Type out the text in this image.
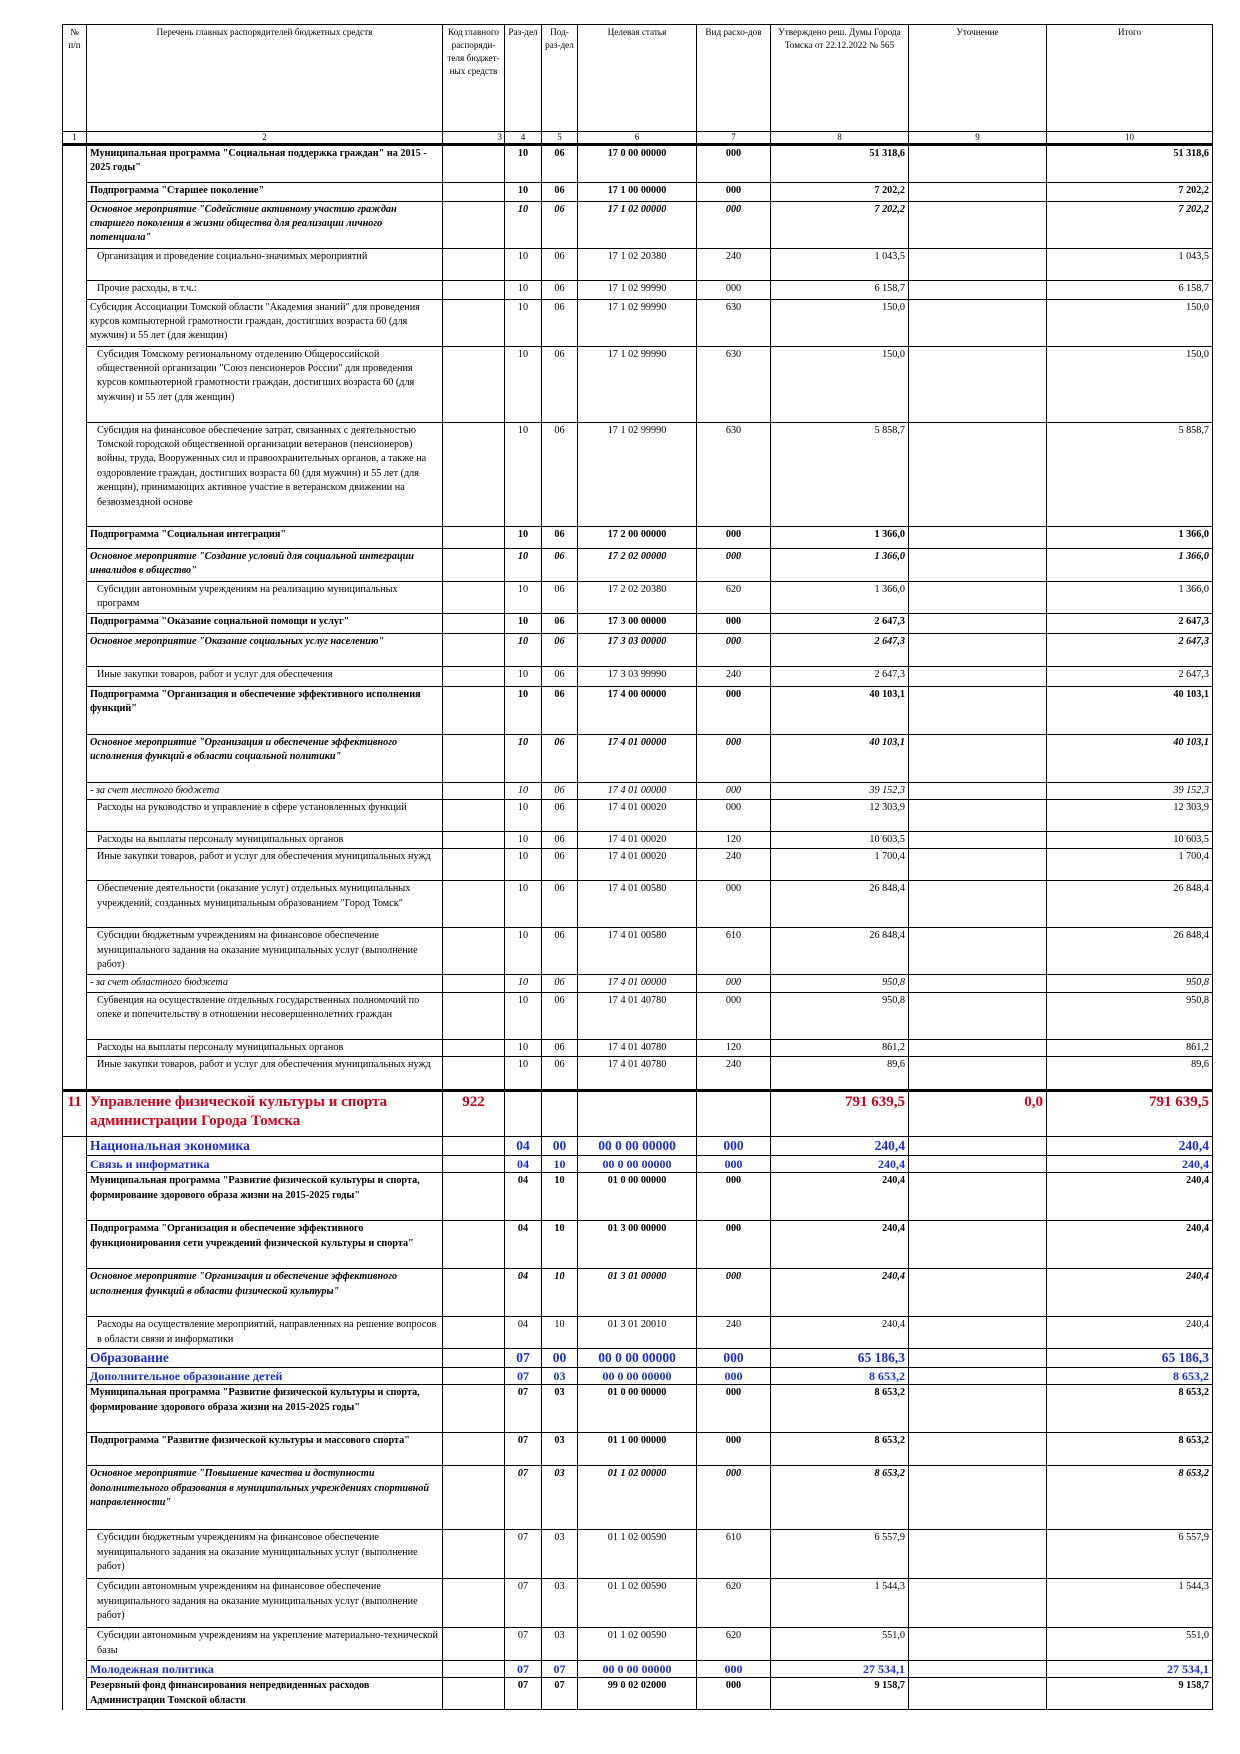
№ п/п	Перечень главных распорядителей бюджетных средств	Код главного распоряди-теля бюджет-ных средств	Раз-дел	Под-раз-дел	Целевая статья	Вид расхо-дов	Утверждено реш. Думы Города Томска от 22.12.2022 № 565	Уточнение	Итого
1	2	3	4	5	6	7	8	9	10
	Муниципальная программа "Социальная поддержка граждан" на 2015 - 2025 годы"		10	06	17 0 00 00000	000	51 318,6		51 318,6
	Подпрограмма "Старшее поколение"		10	06	17 1 00 00000	000	7 202,2		7 202,2
	Основное мероприятие "Содействие активному участию граждан старшего поколения в жизни общества для реализации личного потенциала"		10	06	17 1 02 00000	000	7 202,2		7 202,2
	Организация и проведение социально-значимых мероприятий		10	06	17 1 02 20380	240	1 043,5		1 043,5
	Прочие расходы, в т.ч.:		10	06	17 1 02 99990	000	6 158,7		6 158,7
	Субсидия Ассоциации Томской области "Академия знаний" для проведения курсов компьютерной грамотности граждан, достигших возраста 60 (для мужчин) и 55 лет (для женщин)		10	06	17 1 02 99990	630	150,0		150,0
	Субсидия Томскому региональному отделению Общероссийской общественной организации "Союз пенсионеров России" для проведения курсов компьютерной грамотности граждан, достигших возраста 60 (для мужчин) и 55 лет (для женщин)		10	06	17 1 02 99990	630	150,0		150,0
	Субсидия на финансовое обеспечение затрат, связанных с деятельностью Томской городской общественной организации ветеранов (пенсионеров) войны, труда, Вооруженных сил и правоохранительных органов, а также на оздоровление граждан, достигших возраста 60 (для мужчин) и 55 лет (для женщин), принимающих активное участие в ветеранском движении на безвозмездной основе		10	06	17 1 02 99990	630	5 858,7		5 858,7
	Подпрограмма "Социальная интеграция"		10	06	17 2 00 00000	000	1 366,0		1 366,0
	Основное мероприятие "Создание условий для социальной интеграции инвалидов в общество"		10	06	17 2 02 00000	000	1 366,0		1 366,0
	Субсидии автономным учреждениям на реализацию муниципальных программ		10	06	17 2 02 20380	620	1 366,0		1 366,0
	Подпрограмма "Оказание социальной помощи и услуг"		10	06	17 3 00 00000	000	2 647,3		2 647,3
	Основное мероприятие "Оказание социальных услуг населению"		10	06	17 3 03 00000	000	2 647,3		2 647,3
	Иные закупки товаров, работ и услуг для обеспечения		10	06	17 3 03 99990	240	2 647,3		2 647,3
	Подпрограмма "Организация и обеспечение эффективного исполнения функций"		10	06	17 4 00 00000	000	40 103,1		40 103,1
	Основное мероприятие "Организация и обеспечение эффективного исполнения функций в области социальной политики"		10	06	17 4 01 00000	000	40 103,1		40 103,1
	- за счет местного бюджета		10	06	17 4 01 00000	000	39 152,3		39 152,3
	Расходы на руководство и управление в сфере установленных функций		10	06	17 4 01 00020	000	12 303,9		12 303,9
	Расходы на выплаты персоналу муниципальных органов		10	06	17 4 01 00020	120	10 603,5		10 603,5
	Иные закупки товаров, работ и услуг для обеспечения муниципальных нужд		10	06	17 4 01 00020	240	1 700,4		1 700,4
	Обеспечение деятельности (оказание услуг) отдельных муниципальных учреждений, созданных муниципальным образованием "Город Томск"		10	06	17 4 01 00580	000	26 848,4		26 848,4
	Субсидии бюджетным учреждениям на финансовое обеспечение муниципального задания на оказание муниципальных услуг (выполнение работ)		10	06	17 4 01 00580	610	26 848,4		26 848,4
	- за счет областного бюджета		10	06	17 4 01 00000	000	950,8		950,8
	Субвенция на осуществление отдельных государственных полномочий по опеке и попечительству в отношении несовершеннолетних граждан		10	06	17 4 01 40780	000	950,8		950,8
	Расходы на выплаты персоналу муниципальных органов		10	06	17 4 01 40780	120	861,2		861,2
	Иные закупки товаров, работ и услуг для обеспечения муниципальных нужд		10	06	17 4 01 40780	240	89,6		89,6
11	Управление физической культуры и спорта администрации Города Томска	922					791 639,5	0,0	791 639,5
	Национальная экономика		04	00	00 0 00 00000	000	240,4		240,4
	Связь и информатика		04	10	00 0 00 00000	000	240,4		240,4
	Муниципальная программа "Развитие физической культуры и спорта, формирование здорового образа жизни на 2015-2025 годы"		04	10	01 0 00 00000	000	240,4		240,4
	Подпрограмма "Организация и обеспечение эффективного функционирования сети учреждений физической культуры и спорта"		04	10	01 3 00 00000	000	240,4		240,4
	Основное мероприятие "Организация и обеспечение эффективного исполнения функций в области физической культуры"		04	10	01 3 01 00000	000	240,4		240,4
	Расходы на осуществление мероприятий, направленных на решение вопросов в области связи и информатики		04	10	01 3 01 20010	240	240,4		240,4
	Образование		07	00	00 0 00 00000	000	65 186,3		65 186,3
	Дополнительное образование детей		07	03	00 0 00 00000	000	8 653,2		8 653,2
	Муниципальная программа "Развитие физической культуры и спорта, формирование здорового образа жизни на 2015-2025 годы"		07	03	01 0 00 00000	000	8 653,2		8 653,2
	Подпрограмма "Развитие физической культуры и массового спорта"		07	03	01 1 00 00000	000	8 653,2		8 653,2
	Основное мероприятие "Повышение качества и доступности дополнительного образования в муниципальных учреждениях спортивной направленности"		07	03	01 1 02 00000	000	8 653,2		8 653,2
	Субсидии бюджетным учреждениям на финансовое обеспечение муниципального задания на оказание муниципальных услуг (выполнение работ)		07	03	01 1 02 00590	610	6 557,9		6 557,9
	Субсидии автономным учреждениям на финансовое обеспечение муниципального задания на оказание муниципальных услуг (выполнение работ)		07	03	01 1 02 00590	620	1 544,3		1 544,3
	Субсидии автономным учреждениям на укрепление материально-технической базы		07	03	01 1 02 00590	620	551,0		551,0
	Молодежная политика		07	07	00 0 00 00000	000	27 534,1		27 534,1
	Резервный фонд финансирования непредвиденных расходов Администрации Томской области		07	07	99 0 02 02000	000	9 158,7		9 158,7
